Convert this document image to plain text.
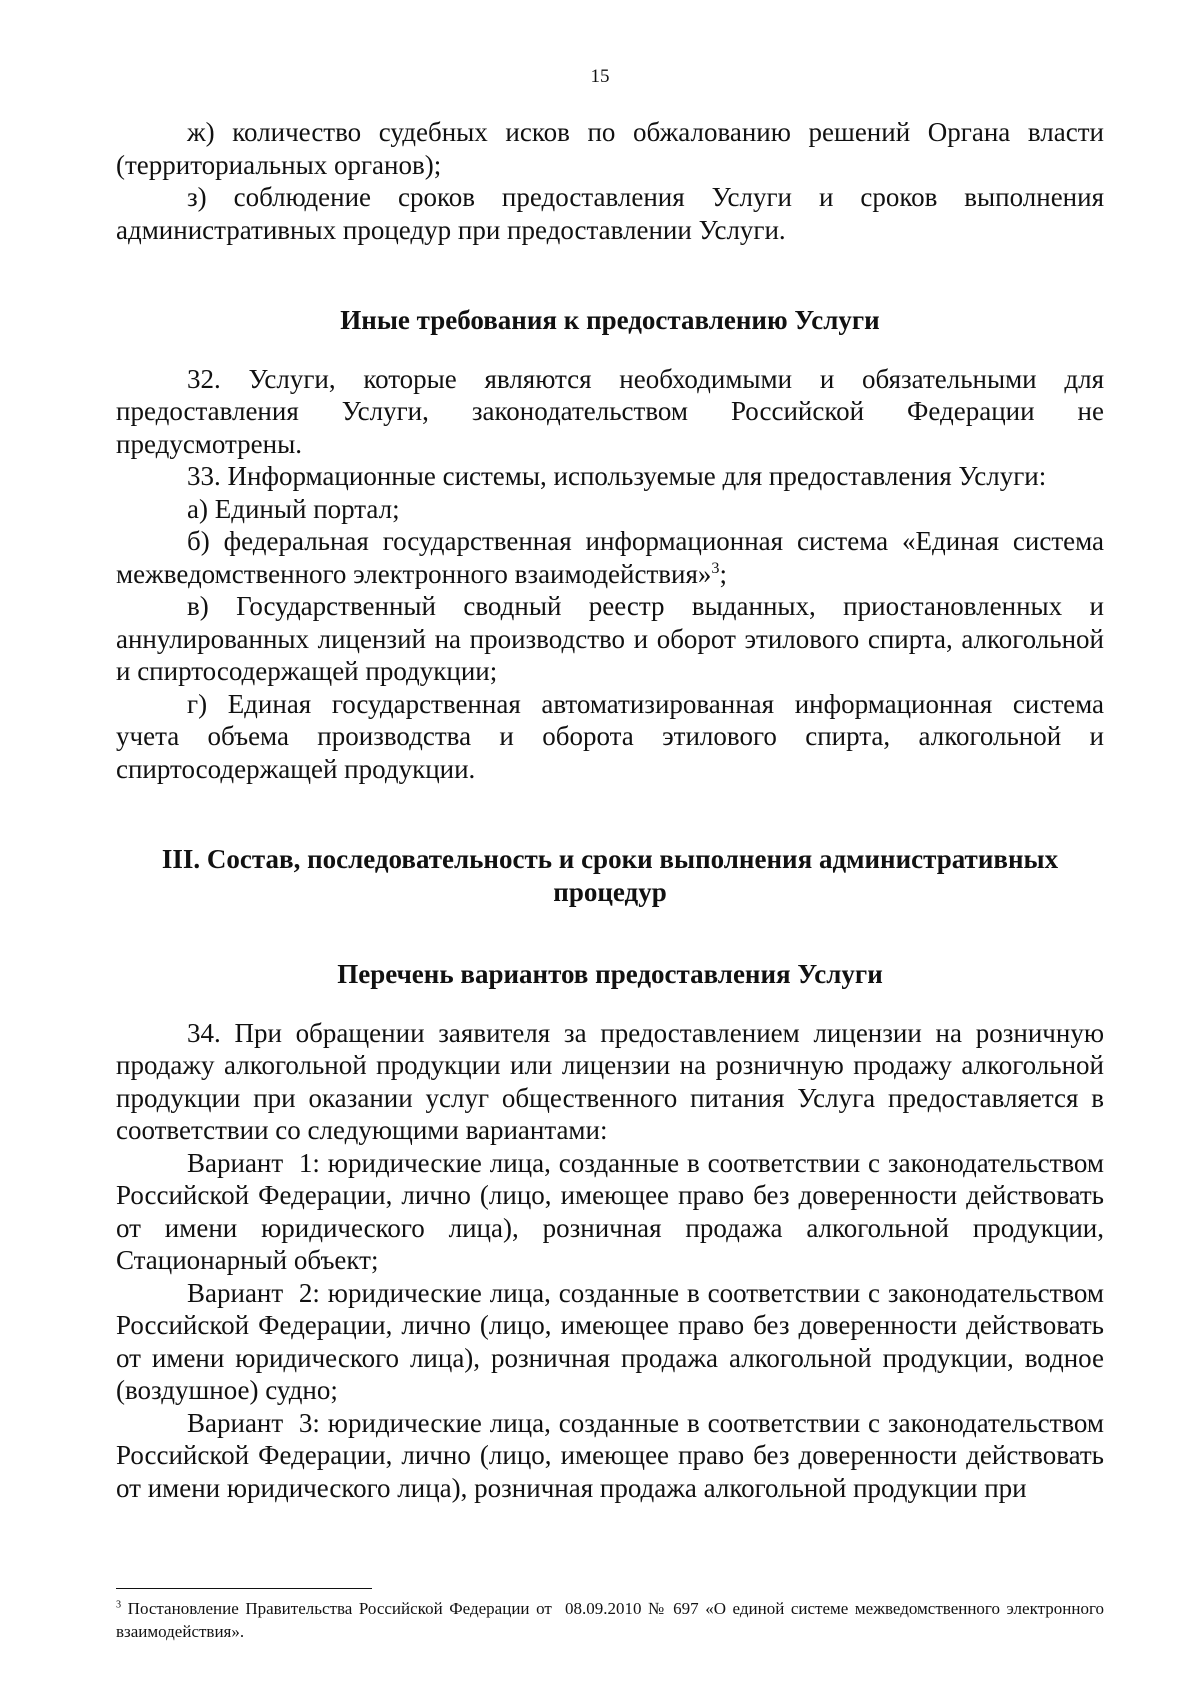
15

ж) количество судебных исков по обжалованию решений Органа власти (территориальных органов);

з) соблюдение сроков предоставления Услуги и сроков выполнения административных процедур при предоставлении Услуги.

Иные требования к предоставлению Услуги

32. Услуги, которые являются необходимыми и обязательными для предоставления Услуги, законодательством Российской Федерации не предусмотрены.

33. Информационные системы, используемые для предоставления Услуги:

а) Единый портал;

б) федеральная государственная информационная система «Единая система межведомственного электронного взаимодействия»$^3$;

в) Государственный сводный реестр выданных, приостановленных и аннулированных лицензий на производство и оборот этилового спирта, алкогольной и спиртосодержащей продукции;

г) Единая государственная автоматизированная информационная система учета объема производства и оборота этилового спирта, алкогольной и спиртосодержащей продукции.

III. Состав, последовательность и сроки выполнения административных
процедур
Перечень вариантов предоставления Услуги

34. При обращении заявителя за предоставлением лицензии на розничную продажу алкогольной продукции или лицензии на розничную продажу алкогольной продукции при оказании услуг общественного питания Услуга предоставляется в соответствии со следующими вариантами:

Вариант  1: юридические лица, созданные в соответствии с законодательством Российской Федерации, лично (лицо, имеющее право без доверенности действовать от имени юридического лица), розничная продажа алкогольной продукции, Стационарный объект;

Вариант  2: юридические лица, созданные в соответствии с законодательством Российской Федерации, лично (лицо, имеющее право без доверенности действовать от имени юридического лица), розничная продажа алкогольной продукции, водное (воздушное) судно;

Вариант  3: юридические лица, созданные в соответствии с законодательством Российской Федерации, лично (лицо, имеющее право без доверенности действовать от имени юридического лица), розничная продажа алкогольной продукции при

$^3$ Постановление Правительства Российской Федерации от  08.09.2010 № 697 «О единой системе межведомственного электронного взаимодействия».
